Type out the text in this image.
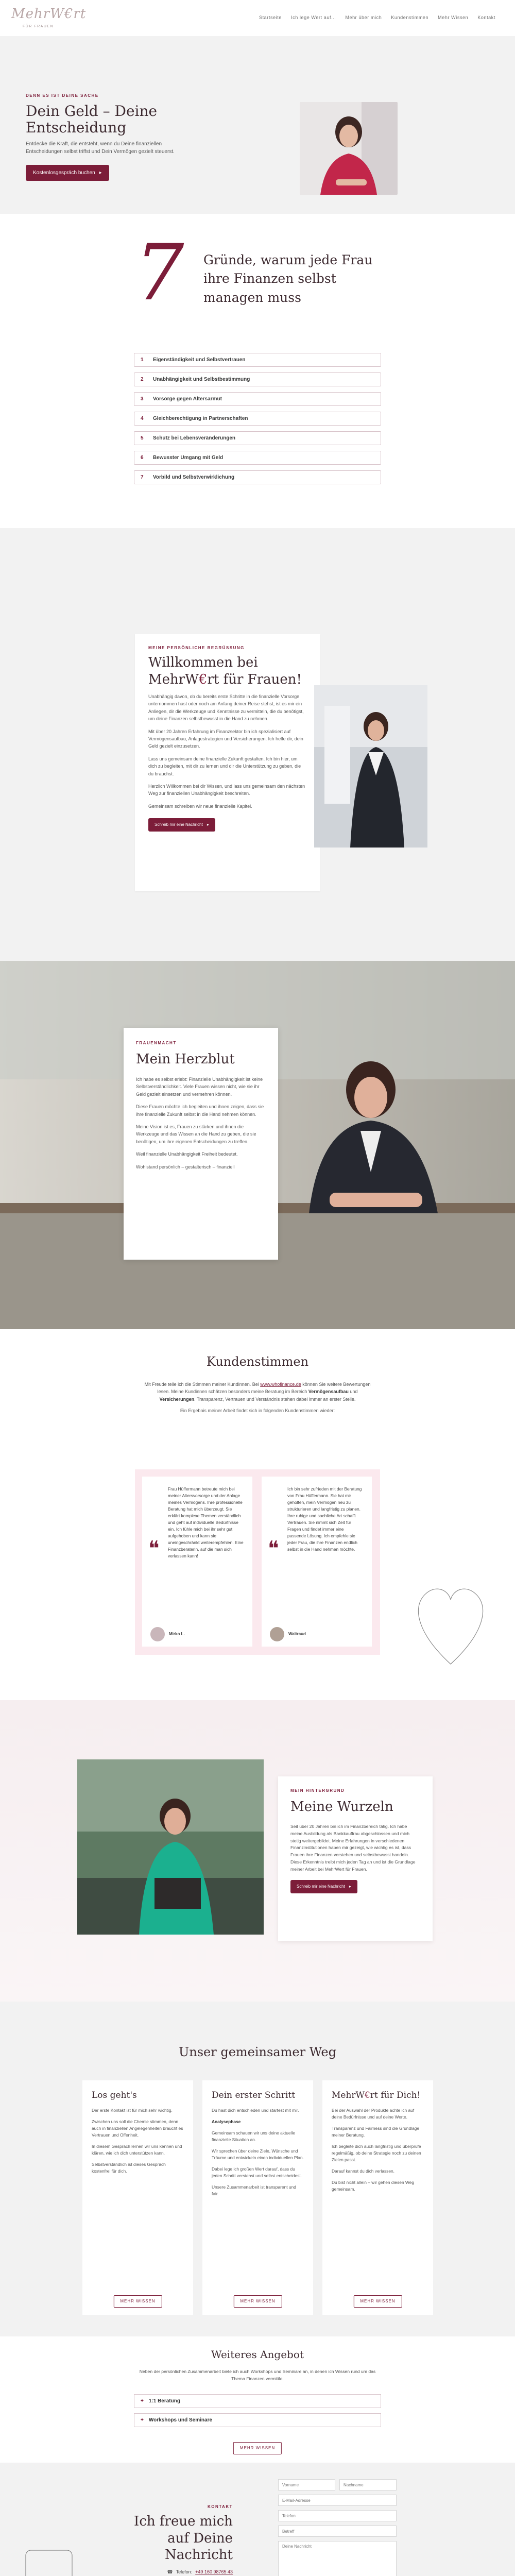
MehrW€rt
FÜR FRAUEN
Startseite Ich lege Wert auf... Mehr über mich Kundenstimmen Mehr Wissen Kontakt
DENN ES IST DEINE SACHE
Dein Geld – Deine Entscheidung

Entdecke die Kraft, die entsteht, wenn du Deine finanziellen Entscheidungen selbst triffst und Dein Vermögen gezielt steuerst.

Kostenlosgespräch buchen ▸
7 Gründe, warum jede Frau ihre Finanzen selbst managen muss
1	Eigenständigkeit und Selbstvertrauen
2	Unabhängigkeit und Selbstbestimmung
3	Vorsorge gegen Altersarmut
4	Gleichberechtigung in Partnerschaften
5	Schutz bei Lebensveränderungen
6	Bewusster Umgang mit Geld
7	Vorbild und Selbstverwirklichung
MEINE PERSÖNLICHE BEGRÜSSUNG
Willkommen bei
MehrW€rt für Frauen!

Unabhängig davon, ob du bereits erste Schritte in die finanzielle Vorsorge unternommen hast oder noch am Anfang deiner Reise stehst, ist es mir ein Anliegen, dir die Werkzeuge und Kenntnisse zu vermitteln, die du benötigst, um deine Finanzen selbstbewusst in die Hand zu nehmen.

Mit über 20 Jahren Erfahrung im Finanzsektor bin ich spezialisiert auf Vermögensaufbau, Anlagestrategien und Versicherungen. Ich helfe dir, dein Geld gezielt einzusetzen.

Lass uns gemeinsam deine finanzielle Zukunft gestalten. Ich bin hier, um dich zu begleiten, mit dir zu lernen und dir die Unterstützung zu geben, die du brauchst.

Herzlich Willkommen bei dir Wissen, und lass uns gemeinsam den nächsten Weg zur finanziellen Unabhängigkeit beschreiten.

Gemeinsam schreiben wir neue finanzielle Kapitel.

Schreib mir eine Nachricht ▸
FRAUENMACHT
Mein Herzblut

Ich habe es selbst erlebt: Finanzielle Unabhängigkeit ist keine Selbstverständlichkeit. Viele Frauen wissen nicht, wie sie ihr Geld gezielt einsetzen und vermehren können.

Diese Frauen möchte ich begleiten und ihnen zeigen, dass sie ihre finanzielle Zukunft selbst in die Hand nehmen können.

Meine Vision ist es, Frauen zu stärken und ihnen die Werkzeuge und das Wissen an die Hand zu geben, die sie benötigen, um ihre eigenen Entscheidungen zu treffen.

Weil finanzielle Unabhängigkeit Freiheit bedeutet.

Wohlstand persönlich – gestalterisch – finanziell

Kundenstimmen

Mit Freude teile ich die Stimmen meiner Kundinnen. Bei www.whofinance.de können Sie weitere Bewertungen lesen. Meine Kundinnen schätzen besonders meine Beratung im Bereich Vermögensaufbau und Versicherungen. Transparenz, Vertrauen und Verständnis stehen dabei immer an erster Stelle.

Ein Ergebnis meiner Arbeit findet sich in folgenden Kundenstimmen wieder:

❝
Frau Hüffermann betreute mich bei meiner Altersvorsorge und der Anlage meines Vermögens. Ihre professionelle Beratung hat mich überzeugt. Sie erklärt komplexe Themen verständlich und geht auf individuelle Bedürfnisse ein. Ich fühle mich bei ihr sehr gut aufgehoben und kann sie uneingeschränkt weiterempfehlen. Eine Finanzberaterin, auf die man sich verlassen kann!
Mirko L.
❝
Ich bin sehr zufrieden mit der Beratung von Frau Hüffermann. Sie hat mir geholfen, mein Vermögen neu zu strukturieren und langfristig zu planen. Ihre ruhige und sachliche Art schafft Vertrauen. Sie nimmt sich Zeit für Fragen und findet immer eine passende Lösung. Ich empfehle sie jeder Frau, die ihre Finanzen endlich selbst in die Hand nehmen möchte.
Waltraud
MEIN HINTERGRUND
Meine Wurzeln

Seit über 20 Jahren bin ich im Finanzbereich tätig. Ich habe meine Ausbildung als Bankkauffrau abgeschlossen und mich stetig weitergebildet. Meine Erfahrungen in verschiedenen Finanzinstitutionen haben mir gezeigt, wie wichtig es ist, dass Frauen ihre Finanzen verstehen und selbstbewusst handeln. Diese Erkenntnis treibt mich jeden Tag an und ist die Grundlage meiner Arbeit bei MehrWert für Frauen.

Schreib mir eine Nachricht ▸
Unser gemeinsamer Weg
Los geht's

Der erste Kontakt ist für mich sehr wichtig.

Zwischen uns soll die Chemie stimmen, denn auch in finanziellen Angelegenheiten braucht es Vertrauen und Offenheit.

In diesem Gespräch lernen wir uns kennen und klären, wie ich dich unterstützen kann.

Selbstverständlich ist dieses Gespräch kostenfrei für dich.

MEHR WISSEN
Dein erster Schritt

Du hast dich entschieden und startest mit mir.

Analysephase

Gemeinsam schauen wir uns deine aktuelle finanzielle Situation an.

Wir sprechen über deine Ziele, Wünsche und Träume und entwickeln einen individuellen Plan.

Dabei lege ich großen Wert darauf, dass du jeden Schritt verstehst und selbst entscheidest.

Unsere Zusammenarbeit ist transparent und fair.

MEHR WISSEN
MehrW€rt für Dich!

Bei der Auswahl der Produkte achte ich auf deine Bedürfnisse und auf deine Werte.

Transparenz und Fairness sind die Grundlage meiner Beratung.

Ich begleite dich auch langfristig und überprüfe regelmäßig, ob deine Strategie noch zu deinen Zielen passt.

Darauf kannst du dich verlassen.

Du bist nicht allein – wir gehen diesen Weg gemeinsam.

MEHR WISSEN
Weiteres Angebot

Neben der persönlichen Zusammenarbeit biete ich auch Workshops und Seminare an, in denen ich Wissen rund um das Thema Finanzen vermittle.

+ 1:1 Beratung
+ Workshops und Seminare
MEHR WISSEN
KONTAKT
Ich freue mich auf Deine Nachricht
☎ Telefon: +49 160 98765 43
Vorname
Nachname
E-Mail-Adresse
Telefon
Betreff
Deine Nachricht
